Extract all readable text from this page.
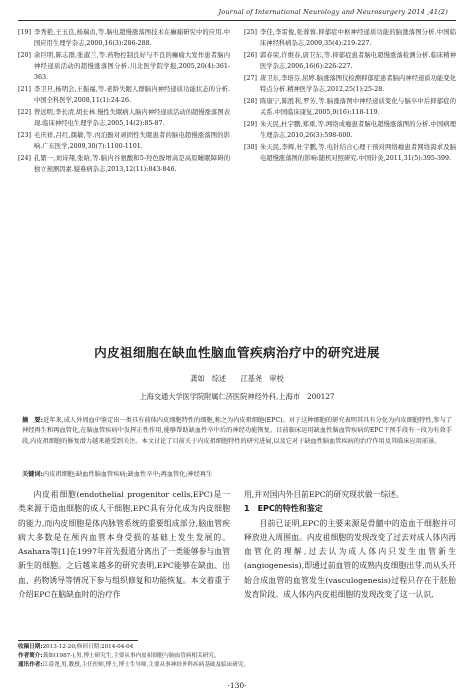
Journal of International Neurology and Neurosurgery 2014 ,41(2)
[19] 李秀艳,王玉良,杨瑞贞,等.脑电超慢涨落图技术在癫痫研究中的应用.中国应用生理学杂志,2000,16(3):286-288.
[20] 余巨明,陈志群,张淑兰,等.药物控制良好与不良的癫痫大发作患者脑内神经递质活动的超慢涨落图分析.川北医学院学报,2005,20(4):361-363.
[21] 李卫旦,杨明会,王振福,等.老龄失眠人群脑内神经递质功能状态的分析.中国全科医学,2008,11(1):24-26.
[22] 曾远明,李长清,胡长林.慢性失眠病人脑内神经递质活动的超慢涨落图表现.临床神经电生理学杂志,2005,14(2):85-87.
[23] 毛庆祥,吕红,颜敏,等.丙泊酚对顽固性失眠患者的脑电超慢涨落图的影响.广东医学,2009,30(7):1100-1101.
[24] 孔繁一,刘诗翔,张晗,等.脑内谷氨酸和5-羟色胺增高是高原睡眠障碍的独立预测因素.疑难病杂志,2013,12(11):843-846.
[25] 李佳,李雷俊,张蓉蓉.抑郁症中枢神经递质功能的脑涨落图分析.中国临床神经科病杂志,2009,35(4):219-227.
[26] 郭春荣,许维春,唐卫东,等.抑郁症患者脑电超慢涨落检测分析.临床精神医学杂志,2006,16(6):226-227.
[27] 唐卫东,李培芬,屈婷.脑涨落图仪检测抑郁症患者脑内神经递质功能变化特点分析.精神医学杂志,2012,25(1):25-28.
[28] 陈康宁,陈胜利,罗芳,等.脑涨落图中神经递质变化与脑卒中后抑郁症的关系.中国临床康复,2005,9(16):118-119.
[29] 朱天民,杜宇鹏,郑重,等.网络成瘾患者脑电超慢涨落图的分析.中国病理生理杂志,2010,26(3):598-600.
[30] 朱天民,李辉,杜宇鹏,等.电针结合心理干预对网络瘾患者网络渴求及脑电超慢涨落图的影响:随机对照研究.中国针灸,2011,31(5):395-399.
内皮祖细胞在缺血性脑血管疾病治疗中的研究进展
龚如　综述　　江基尧　审校
上海交通大学医学院附属仁济医院神经外科,上海市　200127
摘　要:近年来,成人外周血中鉴定出一类具有前体内皮细胞特性的细胞,称之为内皮祖细胞(EPC)。对于这种细胞的研究表明其具有分化为内皮细胞特性,参与了神经再生和再血管化,在脑血管疾病中发挥正性作用,能够帮助缺血性卒中后的神经功能恢复。目前临床运用缺血性脑血管疾病的EPC干预手段有一段为有效手段,内皮祖细胞的修复潜力越来越受到关注。本文讨论了目前关于内皮祖细胞特性的研究进展,以及它对于缺血性脑血管疾病的治疗作用及其临床应用前景。
关键词:内皮祖细胞;缺血性脑血管疾病;缺血性卒中;再血管化;神经再生

内皮祖细胞(endothelial progenitor cells,EPC)是一类来源于造血细胞的成人干细胞,EPC具有分化成为内皮细胞的能力,而内皮细胞是体内脉管系统的重要组成部分,脑血管疾病大多数是在颅内血管本身受损的基础上发生发展的。Asahara等[1]在1997年首先报道分离出了一类能够参与血管新生的细胞。之后越来越多的研究表明,EPC能够在缺血、出血、药物诱导等情况下参与组织修复和功能恢复。本文着重于介绍EPC在脑缺血时的治疗作

用,并对国内外目前EPC的研究现状做一综述。

1　EPC的特性和鉴定

目前已证明,EPC的主要来源是骨髓中的造血干细胞并可释放进入周围血。内皮祖细胞的发现改变了过去对成人体内再血管化的理解,过去认为成人体内只发生血管新生(angiogenesis),即通过前血管的成熟内皮细胞出芽,而从头开始合成血管的血管发生(vasculogenesis)过程只存在于胚胎发育阶段。成人体内内皮祖细胞的发现改变了这一认识,

收稿日期:2013-12-20;修回日期:2014-04-04
作者简介:龚如(1987-),男,博士研究生,主要从事内皮祖细胞与脑血管病相关研究。
通讯作者:江基尧,男,教授,主任医师,博士,博士生导师,主要从事神经外科疾病基础及临床研究。
·130·
